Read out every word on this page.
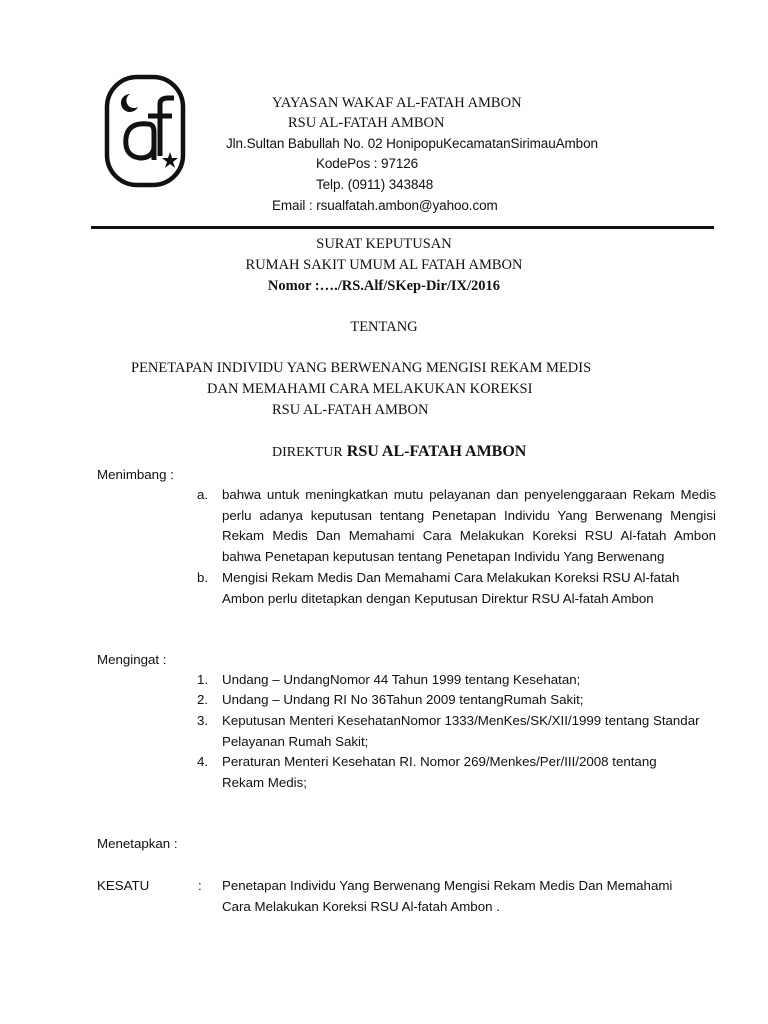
YAYASAN WAKAF AL-FATAH AMBON
RSU AL-FATAH AMBON
Jln.Sultan Babullah No. 02 HonipopuKecamatanSirimauAmbon
KodePos : 97126
Telp. (0911) 343848
Email : rsualfatah.ambon@yahoo.com
SURAT KEPUTUSAN
RUMAH SAKIT UMUM AL FATAH AMBON
Nomor :…./RS.Alf/SKep-Dir/IX/2016
TENTANG
PENETAPAN INDIVIDU YANG BERWENANG MENGISI REKAM MEDIS
DAN MEMAHAMI CARA MELAKUKAN KOREKSI
RSU AL-FATAH AMBON
DIREKTUR RSU AL-FATAH AMBON
Menimbang :
a. bahwa untuk meningkatkan mutu pelayanan dan penyelenggaraan Rekam Medis perlu adanya keputusan tentang Penetapan Individu Yang Berwenang Mengisi Rekam Medis Dan Memahami Cara Melakukan Koreksi RSU Al-fatah Ambon bahwa Penetapan keputusan tentang Penetapan Individu Yang Berwenang
b. Mengisi Rekam Medis Dan Memahami Cara Melakukan Koreksi RSU Al-fatah Ambon perlu ditetapkan dengan Keputusan Direktur RSU Al-fatah Ambon
Mengingat :
1. Undang – UndangNomor 44 Tahun 1999 tentang Kesehatan;
2. Undang – Undang RI No 36Tahun 2009 tentangRumah Sakit;
3. Keputusan Menteri KesehatanNomor 1333/MenKes/SK/XII/1999 tentang Standar Pelayanan Rumah Sakit;
4. Peraturan Menteri Kesehatan RI. Nomor 269/Menkes/Per/III/2008 tentang Rekam Medis;
Menetapkan :
KESATU	: Penetapan Individu Yang Berwenang Mengisi Rekam Medis Dan Memahami Cara Melakukan Koreksi RSU Al-fatah Ambon .
